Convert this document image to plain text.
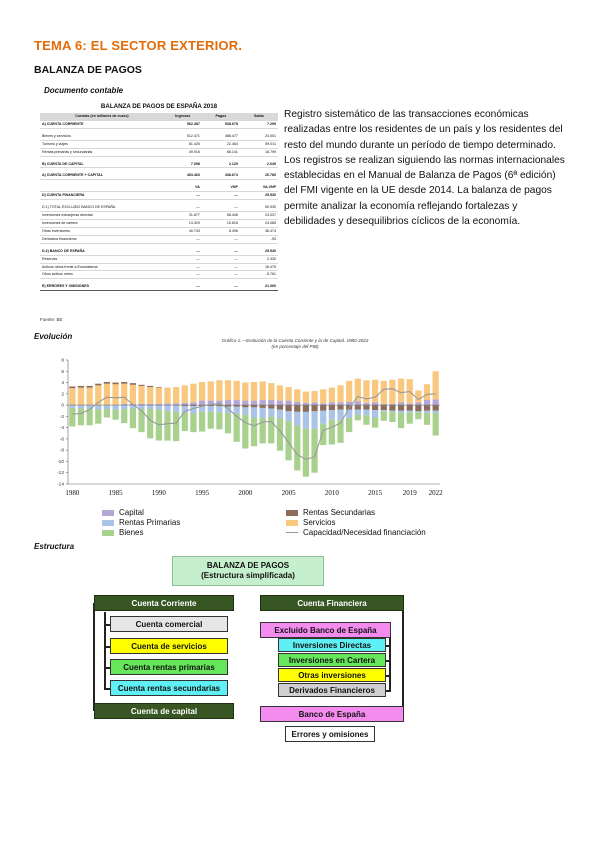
TEMA 6: EL SECTOR EXTERIOR.
BALANZA DE PAGOS
Documento contable
BALANZA DE PAGOS DE ESPAÑA 2018
Cuentas (en millones de euros)	Ingresos	Pagos	Saldo
A) CUENTA CORRIENTE	562.387	538.678	7.299

Bienes y servicios	512.471	488.477	24.001
Turismo y viajes	81.425	22.464	59.011
Rentas primarias y secundarias	49.916	68.141	16.799

B) CUENTA DE CAPITAL	7.098	2.129	2.649

A) CUENTA CORRIENTE + CAPITAL	463.463	438.674	26.780

	VA	VNP	VA-VNP
D) CUENTA FINANCIERA	—	—	25.530

D.1) TOTAL EXCLUIDO BANCO DE ESPAÑA	—	—	50.930
Inversiones extranjeras directas	31.877	58.408	23.037
Inversiones de cartera	13.329	15.816	24.085
Otras inversiones	40.743	8.496	36.474
Derivados financieros	—	—	-93

D.2) BANCO DE ESPAÑA	—	—	25.940
Reservas	—	—	2.330
Activos netos frente a Eurosistema	—	—	16.475
Otros activos netos	—	—	-5.761

E) ERRORES Y OMISIONES	—	—	21.060
Fuente: BE
Registro sistemático de las transacciones económicas realizadas entre los residentes de un país y los residentes del resto del mundo durante un período de tiempo determinado. Los registros se realizan siguiendo las normas internacionales establecidas en el Manual de Balanza de Pagos (6ª edición) del FMI vigente en la UE desde 2014. La balanza de pagos permite analizar la economía reflejando fortalezas y debilidades y desequilibrios cíclicos de la economía.
Evolución	Gráfico 1.—Evolución de la Cuenta Corriente y la de Capital. 1980-2022
(en porcentaje del PIB)
-14
-12
-10
-8
-6
-4
-2
0
2
4
6
8
1980	1985	1990	1995	2000	2005	2010	2015	2019 2022
Capital
Rentas Primarias
Bienes
Rentas Secundarias
Servicios
Capacidad/Necesidad financiación
Estructura
BALANZA DE PAGOS
(Estructura simplificada)
Cuenta Corriente
Cuenta comercial
Cuenta de servicios
Cuenta rentas primarias
Cuenta rentas secundarias
Cuenta de capital
Cuenta Financiera
Excluido Banco de España
Inversiones Directas
Inversiones en Cartera
Otras inversiones
Derivados Financieros
Banco de España
Errores y omisiones
